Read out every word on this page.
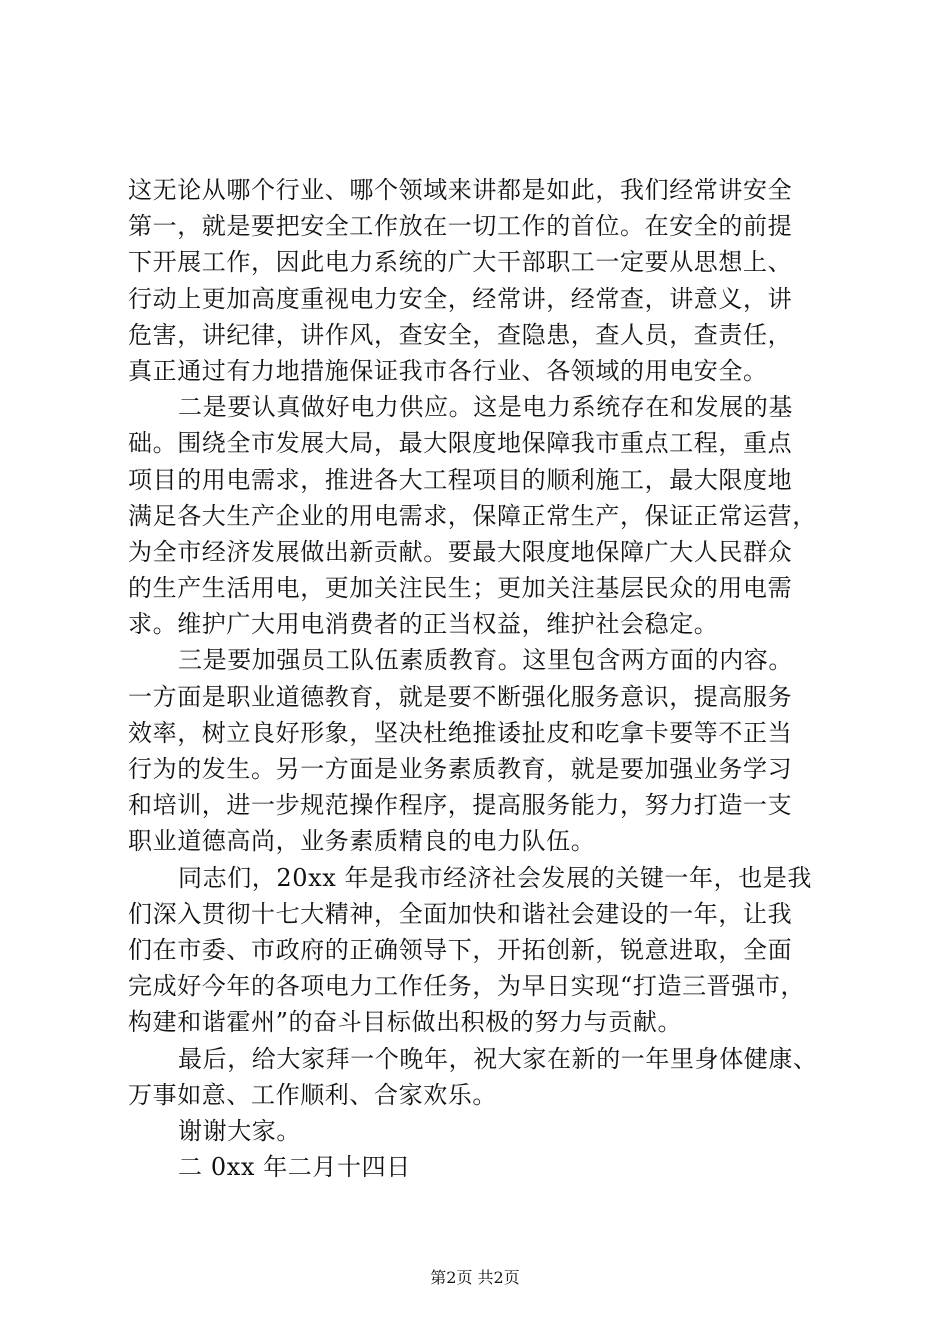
这无论从哪个行业、哪个领域来讲都是如此，我们经常讲安全
第一，就是要把安全工作放在一切工作的首位。在安全的前提
下开展工作，因此电力系统的广大干部职工一定要从思想上、
行动上更加高度重视电力安全，经常讲，经常查，讲意义，讲
危害，讲纪律，讲作风，查安全，查隐患，查人员，查责任，
真正通过有力地措施保证我市各行业、各领域的用电安全。
二是要认真做好电力供应。这是电力系统存在和发展的基
础。围绕全市发展大局，最大限度地保障我市重点工程，重点
项目的用电需求，推进各大工程项目的顺利施工，最大限度地
满足各大生产企业的用电需求，保障正常生产，保证正常运营，
为全市经济发展做出新贡献。要最大限度地保障广大人民群众
的生产生活用电，更加关注民生；更加关注基层民众的用电需
求。维护广大用电消费者的正当权益，维护社会稳定。
三是要加强员工队伍素质教育。这里包含两方面的内容。
一方面是职业道德教育，就是要不断强化服务意识，提高服务
效率，树立良好形象，坚决杜绝推诿扯皮和吃拿卡要等不正当
行为的发生。另一方面是业务素质教育，就是要加强业务学习
和培训，进一步规范操作程序，提高服务能力，努力打造一支
职业道德高尚，业务素质精良的电力队伍。
同志们，20xx 年是我市经济社会发展的关键一年，也是我
们深入贯彻十七大精神，全面加快和谐社会建设的一年，让我
们在市委、市政府的正确领导下，开拓创新，锐意进取，全面
完成好今年的各项电力工作任务，为早日实现“打造三晋强市，
构建和谐霍州”的奋斗目标做出积极的努力与贡献。
最后，给大家拜一个晚年，祝大家在新的一年里身体健康、
万事如意、工作顺利、合家欢乐。
谢谢大家。
二 0xx 年二月十四日
第2页 共2页
